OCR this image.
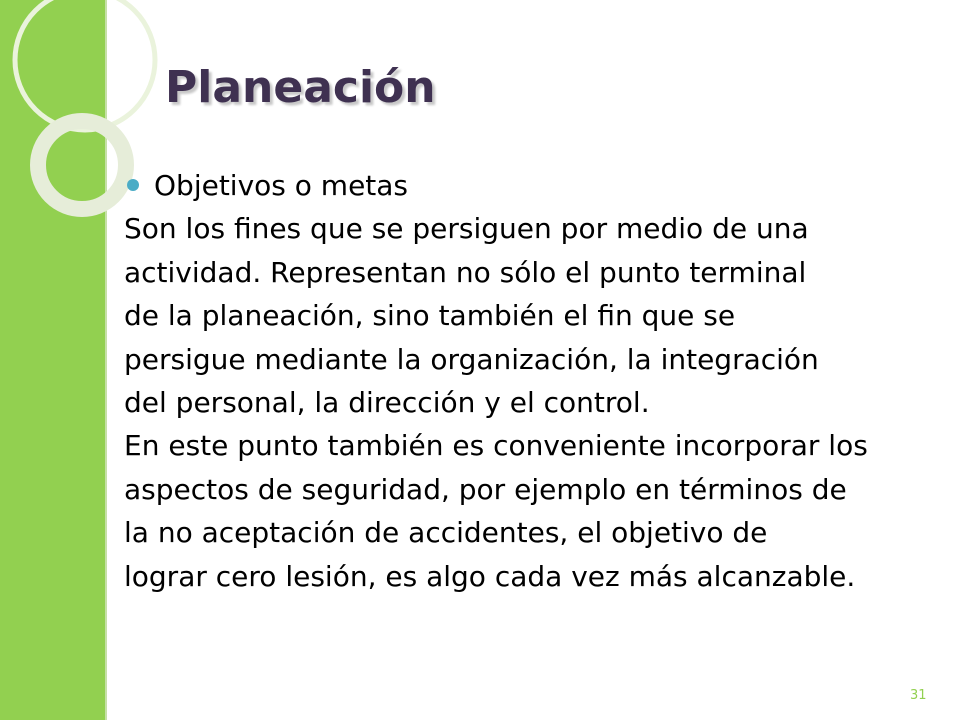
Planeación
Objetivos o metas

Son los fines que se persiguen por medio de una
actividad. Representan no sólo el punto terminal
de la planeación, sino también el fin que se
persigue mediante la organización, la integración
del personal, la dirección y el control.

En este punto también es conveniente incorporar los
aspectos de seguridad, por ejemplo en términos de
la no aceptación de accidentes, el objetivo de
lograr cero lesión, es algo cada vez más alcanzable.

31
